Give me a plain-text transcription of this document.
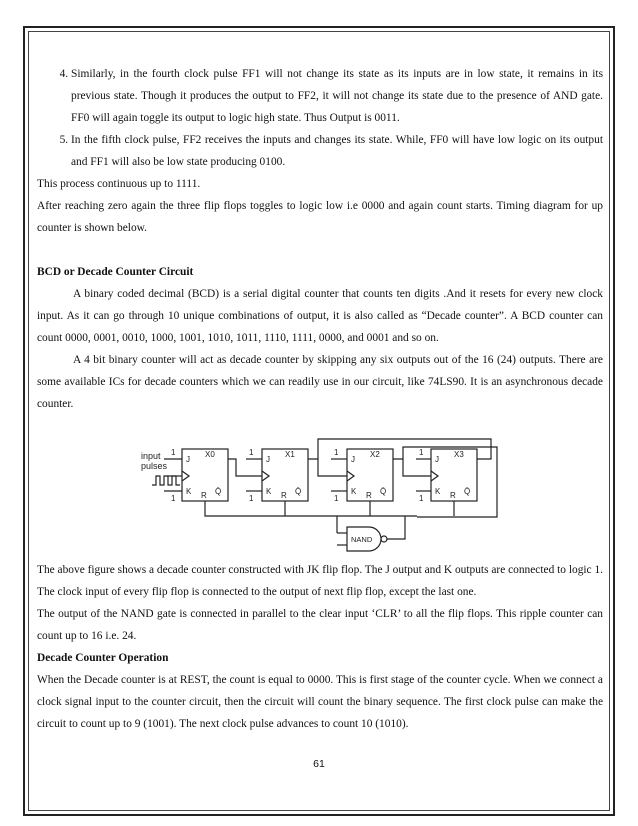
4. Similarly, in the fourth clock pulse FF1 will not change its state as its inputs are in low state, it remains in its previous state. Though it produces the output to FF2, it will not change its state due to the presence of AND gate. FF0 will again toggle its output to logic high state. Thus Output is 0011.
5. In the fifth clock pulse, FF2 receives the inputs and changes its state. While, FF0 will have low logic on its output and FF1 will also be low state producing 0100.

This process continuous up to 1111.

After reaching zero again the three flip flops toggles to logic low i.e 0000 and again count starts. Timing diagram for up counter is shown below.

BCD or Decade Counter Circuit

A binary coded decimal (BCD) is a serial digital counter that counts ten digits .And it resets for every new clock input. As it can go through 10 unique combinations of output, it is also called as “Decade counter”. A BCD counter can count 0000, 0001, 0010, 1000, 1001, 1010, 1011, 1110, 1111, 0000, and 0001 and so on.

A 4 bit binary counter will act as decade counter by skipping any six outputs out of the 16 (24) outputs. There are some available ICs for decade counters which we can readily use in our circuit, like 74LS90. It is an asynchronous decade counter.

input
pulses
X0	X1	X2	X3
J	J	J	J
K	K	K	K
R	R	R	R
Q̄	Q̄	Q̄	Q̄
1
1
1
1
1
1
1
1
NAND

The above figure shows a decade counter constructed with JK flip flop. The J output and K outputs are connected to logic 1. The clock input of every flip flop is connected to the output of next flip flop, except the last one.

The output of the NAND gate is connected in parallel to the clear input ‘CLR’ to all the flip flops. This ripple counter can count up to 16 i.e. 24.

Decade Counter Operation

When the Decade counter is at REST, the count is equal to 0000. This is first stage of the counter cycle. When we connect a clock signal input to the counter circuit, then the circuit will count the binary sequence. The first clock pulse can make the circuit to count up to 9 (1001). The next clock pulse advances to count 10 (1010).

61
